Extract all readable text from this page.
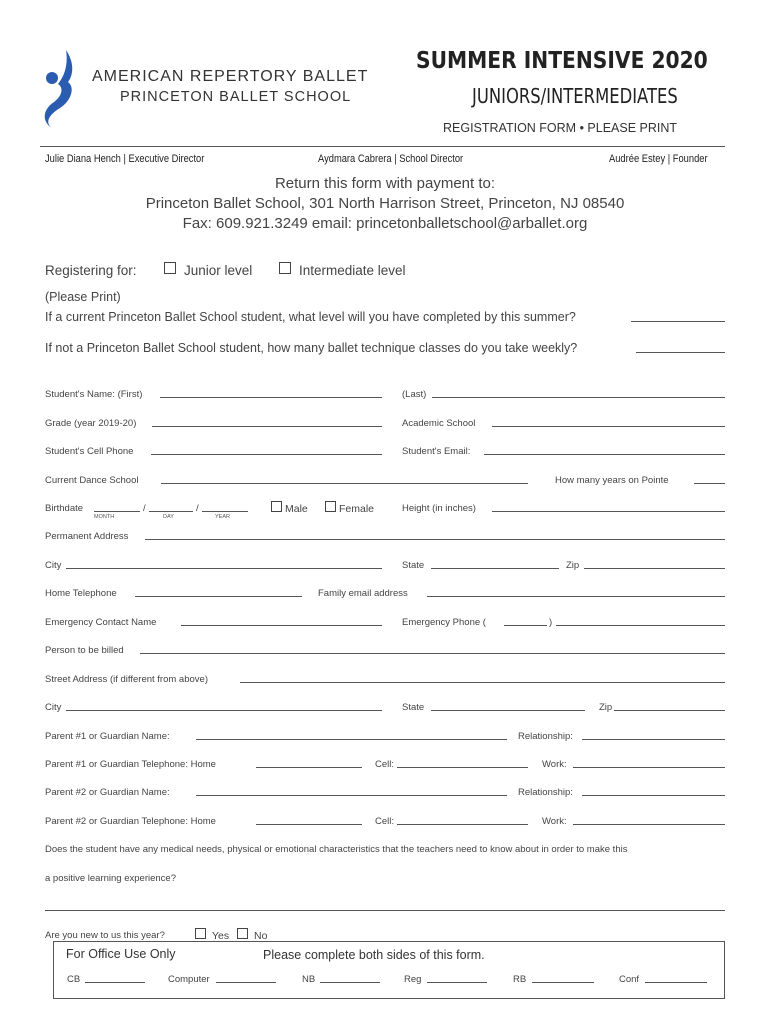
AMERICAN REPERTORY BALLET
PRINCETON BALLET SCHOOL
SUMMER INTENSIVE 2020
JUNIORS/INTERMEDIATES
REGISTRATION FORM • PLEASE PRINT
Julie Diana Hench | Executive Director	Aydmara Cabrera | School Director	Audrée Estey | Founder
Return this form with payment to:
Princeton Ballet School, 301 North Harrison Street, Princeton, NJ 08540
Fax: 609.921.3249 email: princetonballetschool@arballet.org
Registering for:	Junior level	Intermediate level
(Please Print)
If a current Princeton Ballet School student, what level will you have completed by this summer?
If not a Princeton Ballet School student, how many ballet technique classes do you take weekly?
Student's Name: (First)	(Last)
Grade (year 2019-20)	Academic School
Student's Cell Phone	Student's Email:
Current Dance School	How many years on Pointe
Birthdate	/	/
MONTH	DAY	YEAR
Male	Female	Height (in inches)
Permanent Address
City	State	Zip
Home Telephone	Family email address
Emergency Contact Name	Emergency Phone (	)
Person to be billed
Street Address (if different from above)
City	State	Zip
Parent #1 or Guardian Name:	Relationship:
Parent #1 or Guardian Telephone: Home	Cell:	Work:
Parent #2 or Guardian Name:	Relationship:
Parent #2 or Guardian Telephone: Home	Cell:	Work:
Does the student have any medical needs, physical or emotional characteristics that the teachers need to know about in order to make this
a positive learning experience?
Are you new to us this year?	Yes No
For Office Use Only	Please complete both sides of this form.
CB	Computer	NB	Reg	RB	Conf
